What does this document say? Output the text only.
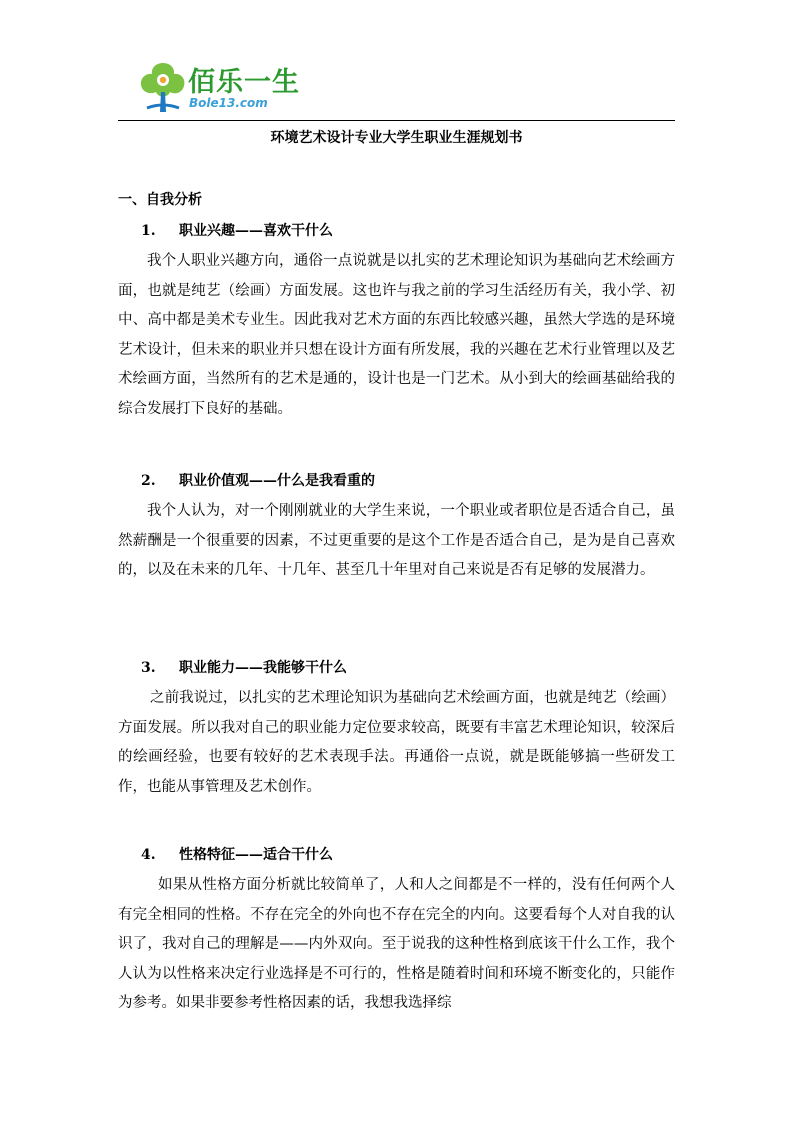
佰乐一生
Bole13.com
环境艺术设计专业大学生职业生涯规划书
一、自我分析
1. 职业兴趣——喜欢干什么
我个人职业兴趣方向，通俗一点说就是以扎实的艺术理论知识为基础向艺术绘画方面，也就是纯艺（绘画）方面发展。这也许与我之前的学习生活经历有关，我小学、初中、高中都是美术专业生。因此我对艺术方面的东西比较感兴趣，虽然大学选的是环境艺术设计，但未来的职业并只想在设计方面有所发展，我的兴趣在艺术行业管理以及艺术绘画方面，当然所有的艺术是通的，设计也是一门艺术。从小到大的绘画基础给我的综合发展打下良好的基础。
2. 职业价值观——什么是我看重的
我个人认为，对一个刚刚就业的大学生来说，一个职业或者职位是否适合自己，虽然薪酬是一个很重要的因素，不过更重要的是这个工作是否适合自己，是为是自己喜欢的，以及在未来的几年、十几年、甚至几十年里对自己来说是否有足够的发展潜力。
3. 职业能力——我能够干什么
之前我说过，以扎实的艺术理论知识为基础向艺术绘画方面，也就是纯艺（绘画）方面发展。所以我对自己的职业能力定位要求较高，既要有丰富艺术理论知识，较深后的绘画经验，也要有较好的艺术表现手法。再通俗一点说，就是既能够搞一些研发工作，也能从事管理及艺术创作。
4. 性格特征——适合干什么
如果从性格方面分析就比较简单了，人和人之间都是不一样的，没有任何两个人有完全相同的性格。不存在完全的外向也不存在完全的内向。这要看每个人对自我的认识了，我对自己的理解是——内外双向。至于说我的这种性格到底该干什么工作，我个人认为以性格来决定行业选择是不可行的，性格是随着时间和环境不断变化的，只能作为参考。如果非要参考性格因素的话，我想我选择综
